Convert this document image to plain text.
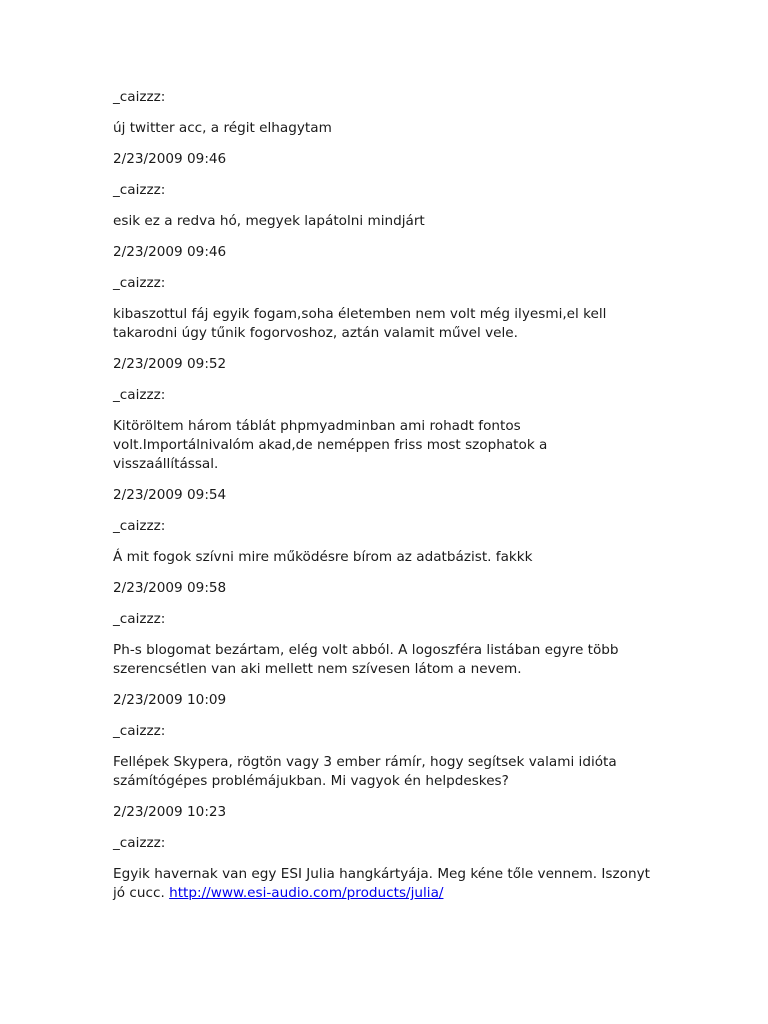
_caizzz:
új twitter acc, a régit elhagytam
2/23/2009 09:46
_caizzz:
esik ez a redva hó, megyek lapátolni mindjárt
2/23/2009 09:46
_caizzz:
kibaszottul fáj egyik fogam,soha életemben nem volt még ilyesmi,el kell takarodni úgy tűnik fogorvoshoz, aztán valamit művel vele.
2/23/2009 09:52
_caizzz:
Kitöröltem három táblát phpmyadminban ami rohadt fontos volt.Importálnivalóm akad,de neméppen friss most szophatok a visszaállítással.
2/23/2009 09:54
_caizzz:
Á mit fogok szívni mire működésre bírom az adatbázist. fakkk
2/23/2009 09:58
_caizzz:
Ph-s blogomat bezártam, elég volt abból. A logoszféra listában egyre több szerencsétlen van aki mellett nem szívesen látom a nevem.
2/23/2009 10:09
_caizzz:
Fellépek Skypera, rögtön vagy 3 ember rámír, hogy segítsek valami idióta számítógépes problémájukban. Mi vagyok én helpdeskes?
2/23/2009 10:23
_caizzz:
Egyik havernak van egy ESI Julia hangkártyája. Meg kéne tőle vennem. Iszonyt jó cucc. http://www.esi-audio.com/products/julia/
